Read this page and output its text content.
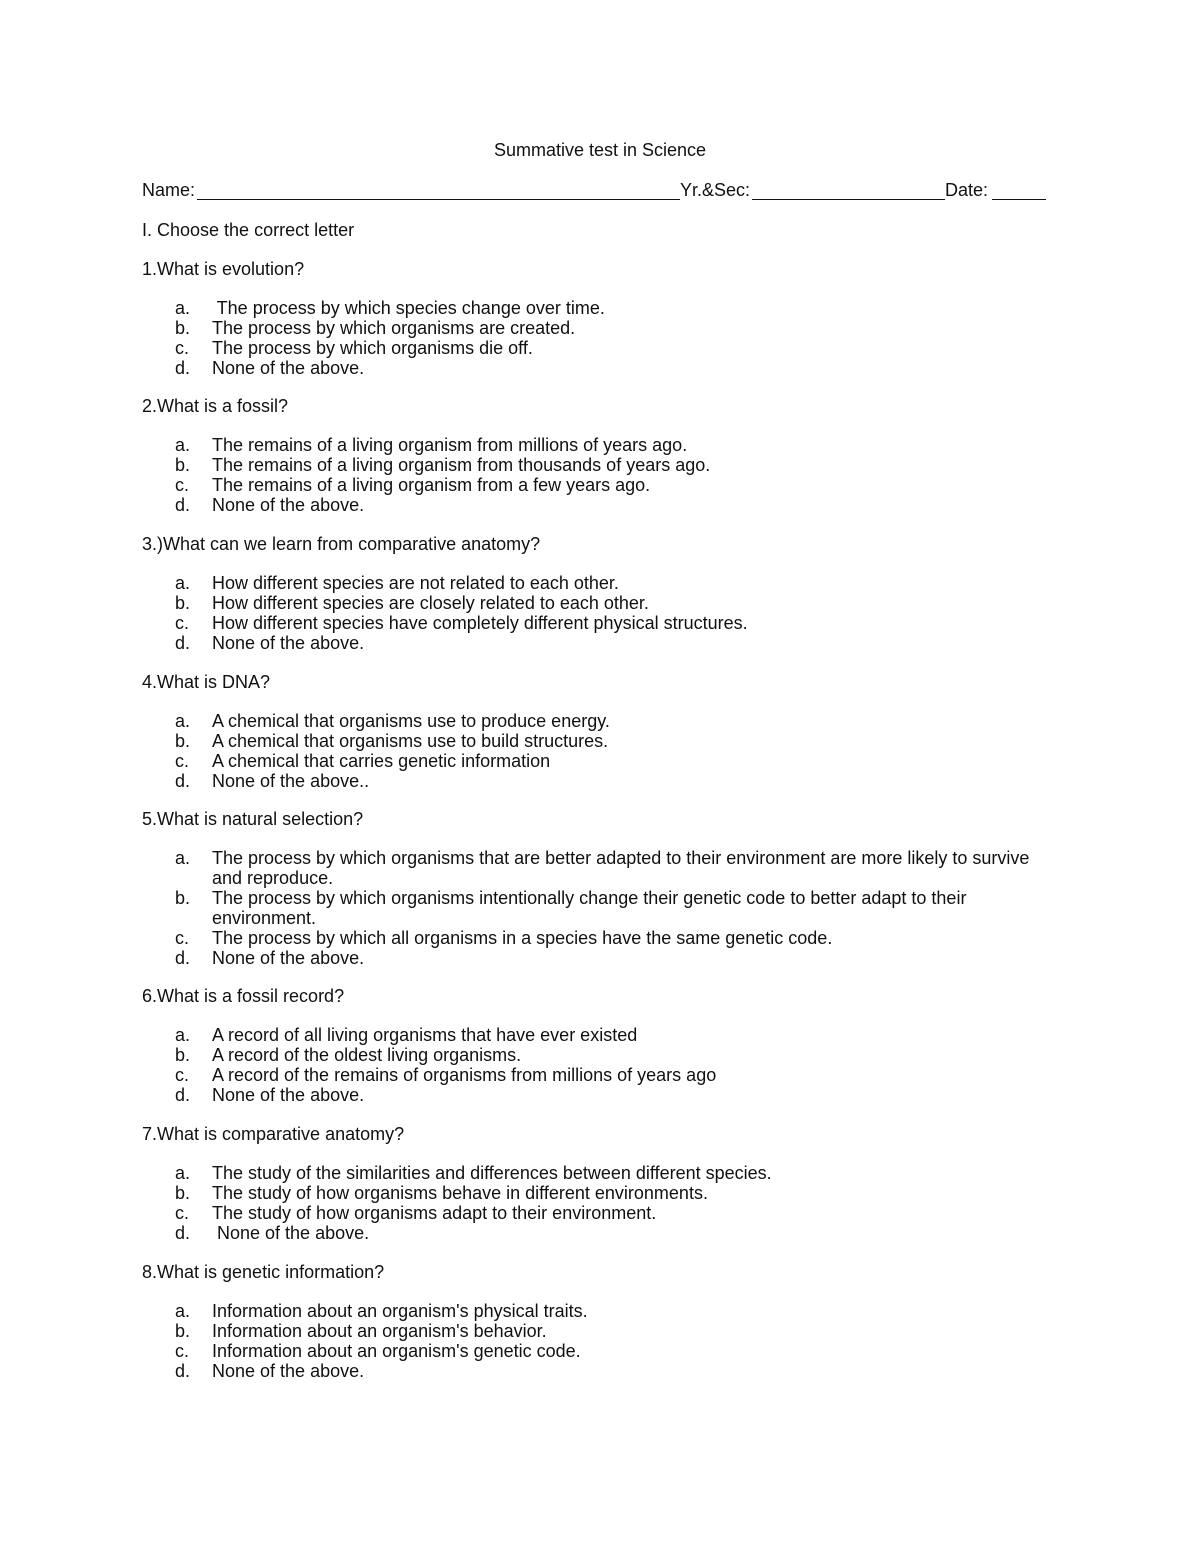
Summative test in Science
Name:	Yr.&Sec:	Date:
I. Choose the correct letter

1.What is evolution?

a. The process by which species change over time.
b. The process by which organisms are created.
c. The process by which organisms die off.
d. None of the above.

2.What is a fossil?

a. The remains of a living organism from millions of years ago.
b. The remains of a living organism from thousands of years ago.
c. The remains of a living organism from a few years ago.
d. None of the above.

3.)What can we learn from comparative anatomy?

a. How different species are not related to each other.
b. How different species are closely related to each other.
c. How different species have completely different physical structures.
d. None of the above.

4.What is DNA?

a. A chemical that organisms use to produce energy.
b. A chemical that organisms use to build structures.
c. A chemical that carries genetic information
d. None of the above..

5.What is natural selection?

a. The process by which organisms that are better adapted to their environment are more likely to survive and reproduce.
b. The process by which organisms intentionally change their genetic code to better adapt to their environment.
c. The process by which all organisms in a species have the same genetic code.
d. None of the above.

6.What is a fossil record?

a. A record of all living organisms that have ever existed
b. A record of the oldest living organisms.
c. A record of the remains of organisms from millions of years ago
d. None of the above.

7.What is comparative anatomy?

a. The study of the similarities and differences between different species.
b. The study of how organisms behave in different environments.
c. The study of how organisms adapt to their environment.
d. None of the above.

8.What is genetic information?

a. Information about an organism's physical traits.
b. Information about an organism's behavior.
c. Information about an organism's genetic code.
d. None of the above.
